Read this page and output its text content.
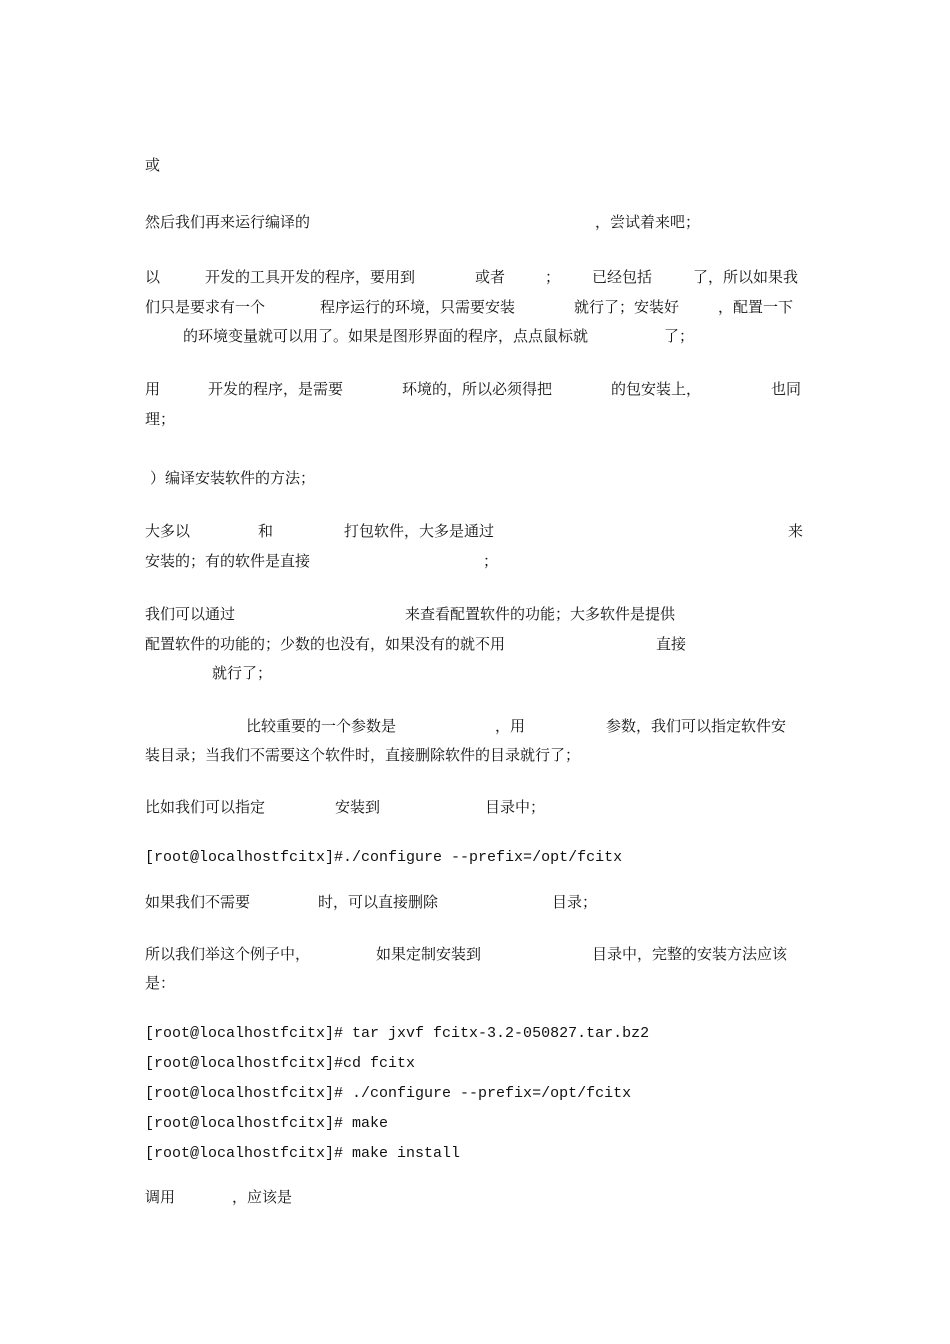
或
然后我们再来运行编译的	，尝试着来吧；
以	开发的工具开发的程序，要用到	或者	； 已经包括	了，所以如果我
们只是要求有一个	程序运行的环境，只需要安装	就行了；安装好	，配置一下
的环境变量就可以用了。如果是图形界面的程序，点点鼠标就	了；
用	开发的程序，是需要	环境的，所以必须得把	的包安装上，	也同
理；
）编译安装软件的方法；
大多以	和	打包软件，大多是通过	来
安装的；有的软件是直接	；
我们可以通过	来查看配置软件的功能；大多软件是提供
配置软件的功能的；少数的也没有，如果没有的就不用	直接
就行了；
比较重要的一个参数是	，用	参数，我们可以指定软件安
装目录；当我们不需要这个软件时，直接删除软件的目录就行了；
比如我们可以指定	安装到	目录中；
[root@localhostfcitx]#./configure --prefix=/opt/fcitx
如果我们不需要	时，可以直接删除	目录；
所以我们举这个例子中，	如果定制安装到	目录中，完整的安装方法应该
是：
[root@localhostfcitx]# tar jxvf fcitx-3.2-050827.tar.bz2
[root@localhostfcitx]#cd fcitx
[root@localhostfcitx]# ./configure --prefix=/opt/fcitx
[root@localhostfcitx]# make
[root@localhostfcitx]# make install
调用	，应该是
